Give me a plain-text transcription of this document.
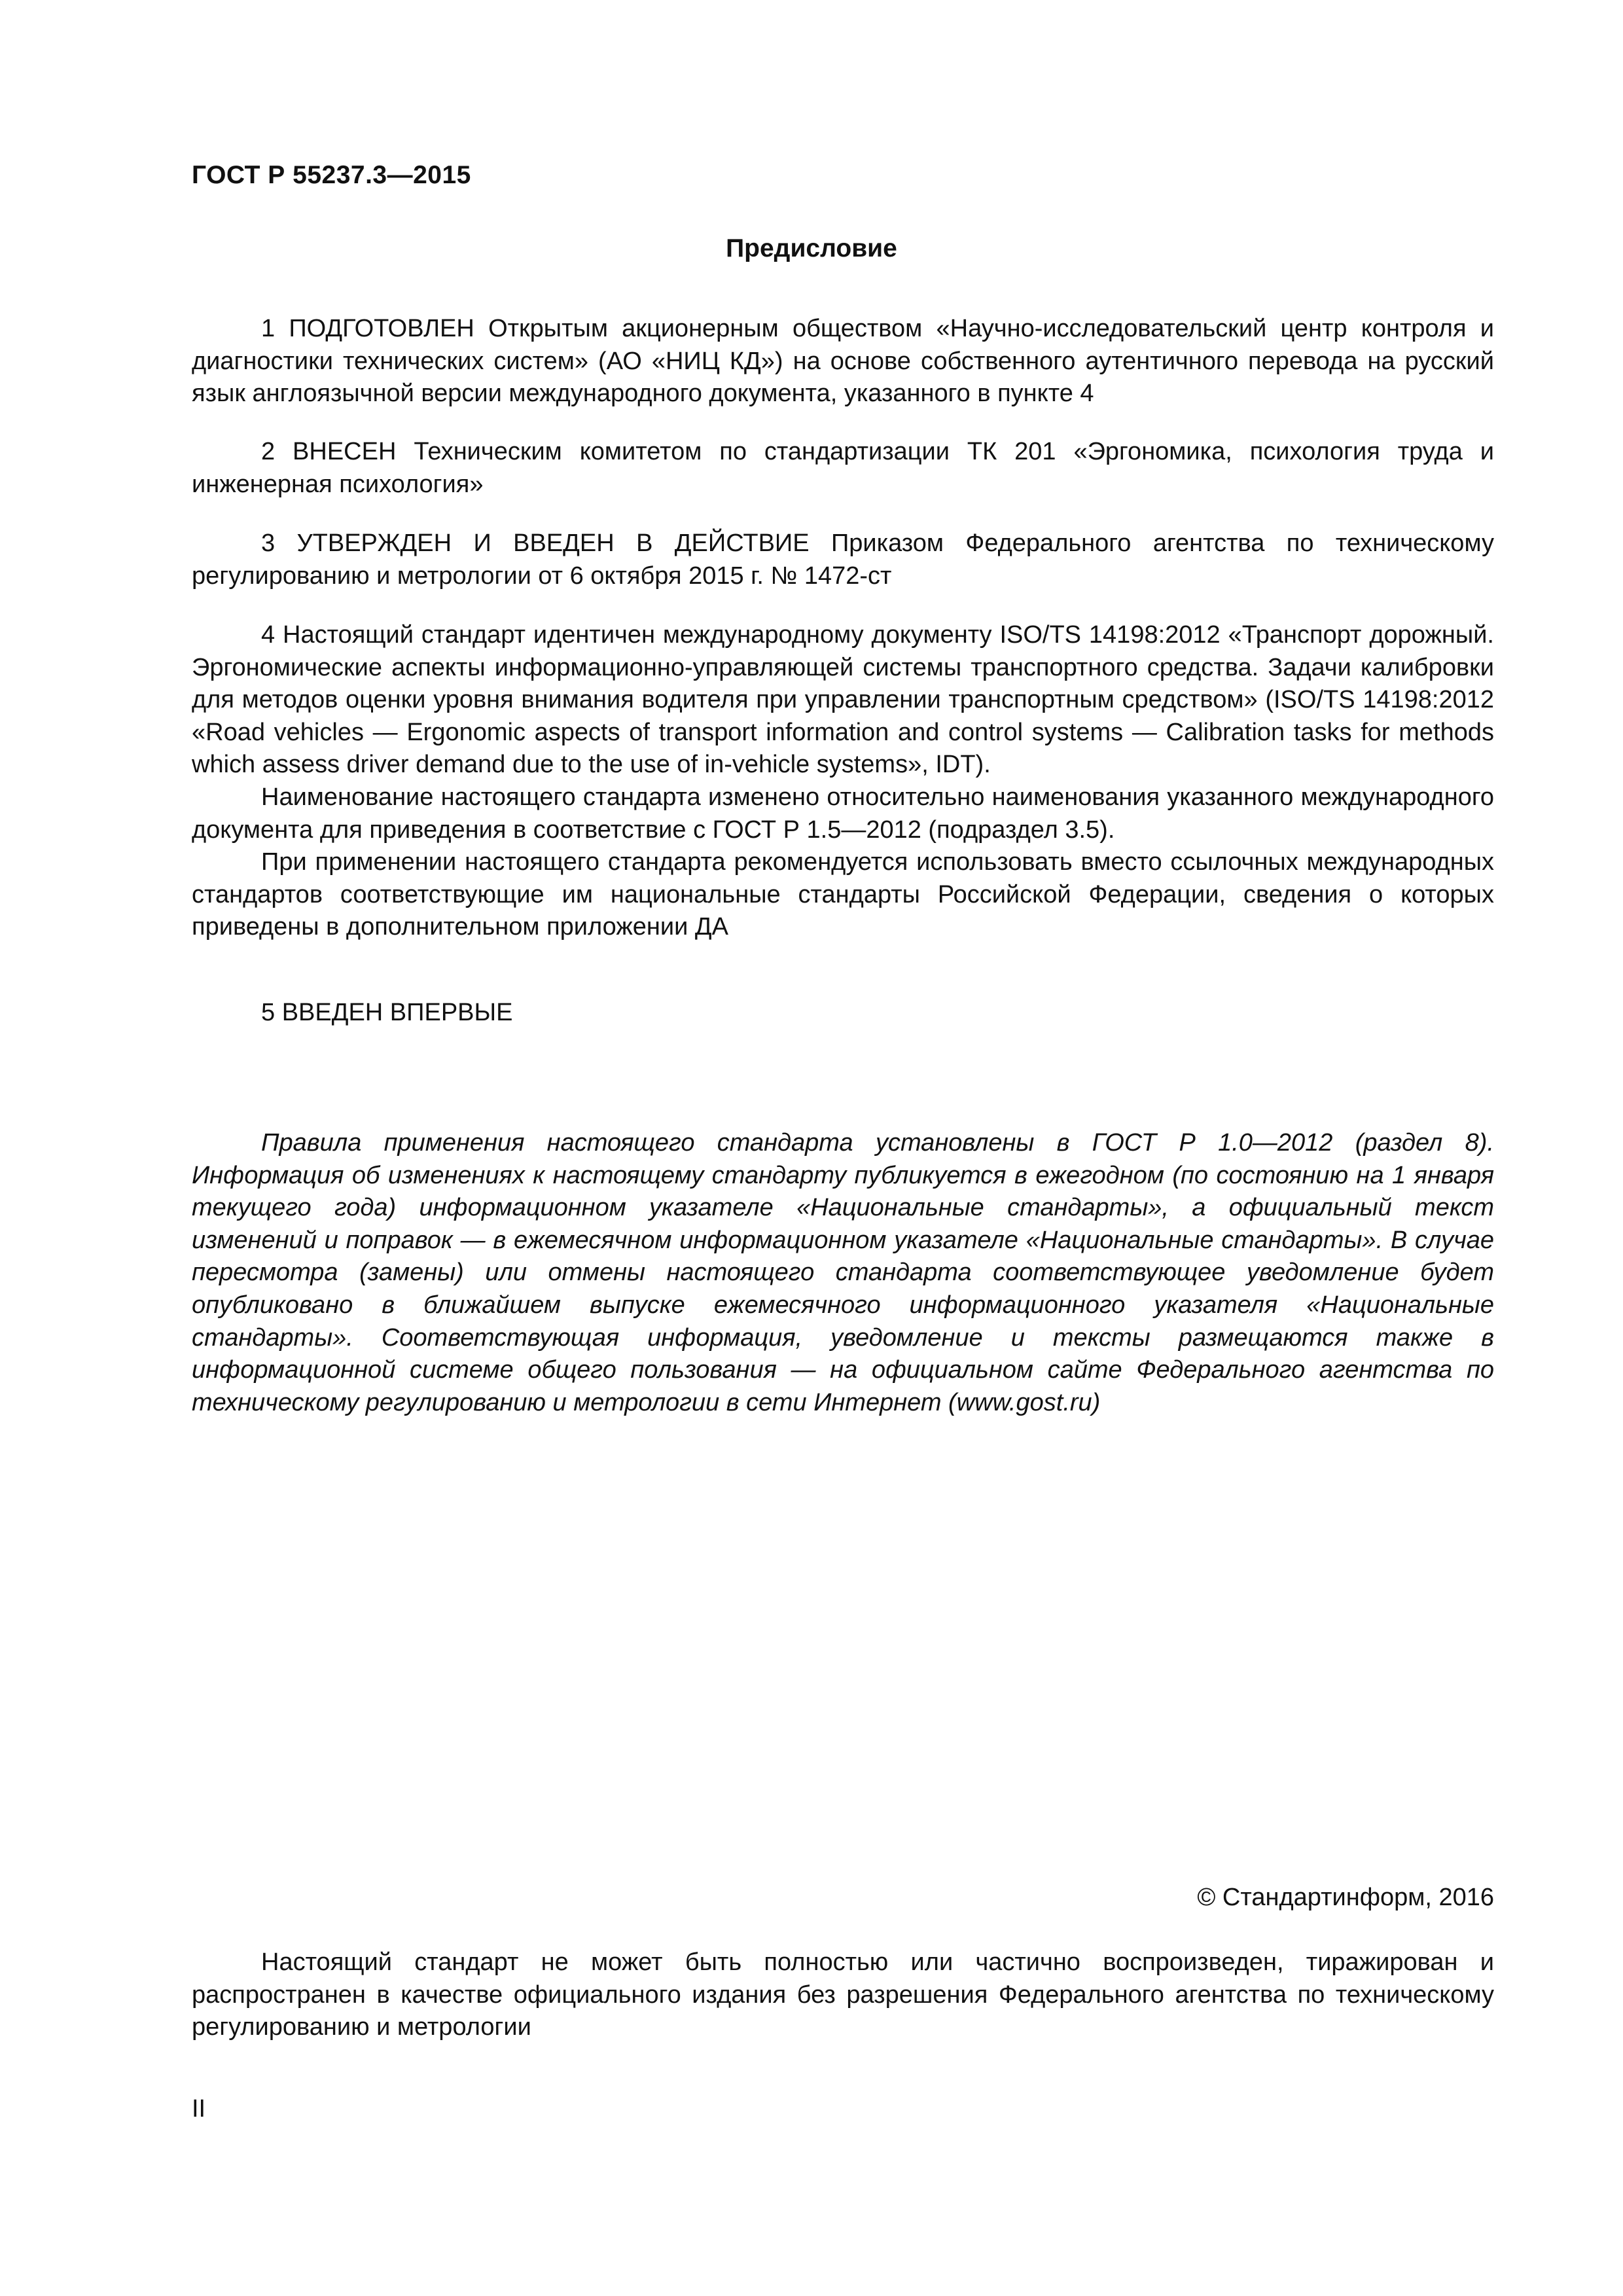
ГОСТ Р 55237.3—2015
Предисловие

1 ПОДГОТОВЛЕН Открытым акционерным обществом «Научно-исследовательский центр контроля и диагностики технических систем» (АО «НИЦ КД») на основе собственного аутентичного перевода на русский язык англоязычной версии международного документа, указанного в пункте 4

2 ВНЕСЕН Техническим комитетом по стандартизации ТК 201 «Эргономика, психология труда и инженерная психология»

3 УТВЕРЖДЕН И ВВЕДЕН В ДЕЙСТВИЕ Приказом Федерального агентства по техническому регулированию и метрологии от 6 октября 2015 г. № 1472-ст

4 Настоящий стандарт идентичен международному документу ISO/TS 14198:2012 «Транспорт дорожный. Эргономические аспекты информационно-управляющей системы транспортного средства. Задачи калибровки для методов оценки уровня внимания водителя при управлении транспортным средством» (ISO/TS 14198:2012 «Road vehicles — Ergonomic aspects of transport information and control systems — Calibration tasks for methods which assess driver demand due to the use of in-vehicle systems», IDT).

Наименование настоящего стандарта изменено относительно наименования указанного международного документа для приведения в соответствие с ГОСТ Р 1.5—2012 (подраздел 3.5).

При применении настоящего стандарта рекомендуется использовать вместо ссылочных международных стандартов соответствующие им национальные стандарты Российской Федерации, сведения о которых приведены в дополнительном приложении ДА

5 ВВЕДЕН ВПЕРВЫЕ

Правила применения настоящего стандарта установлены в ГОСТ Р 1.0—2012 (раздел 8). Информация об изменениях к настоящему стандарту публикуется в ежегодном (по состоянию на 1 января текущего года) информационном указателе «Национальные стандарты», а официальный текст изменений и поправок — в ежемесячном информационном указателе «Национальные стандарты». В случае пересмотра (замены) или отмены настоящего стандарта соответствующее уведомление будет опубликовано в ближайшем выпуске ежемесячного информационного указателя «Национальные стандарты». Соответствующая информация, уведомление и тексты размещаются также в информационной системе общего пользования — на официальном сайте Федерального агентства по техническому регулированию и метрологии в сети Интернет (www.gost.ru)

© Стандартинформ, 2016

Настоящий стандарт не может быть полностью или частично воспроизведен, тиражирован и распространен в качестве официального издания без разрешения Федерального агентства по техническому регулированию и метрологии

II
